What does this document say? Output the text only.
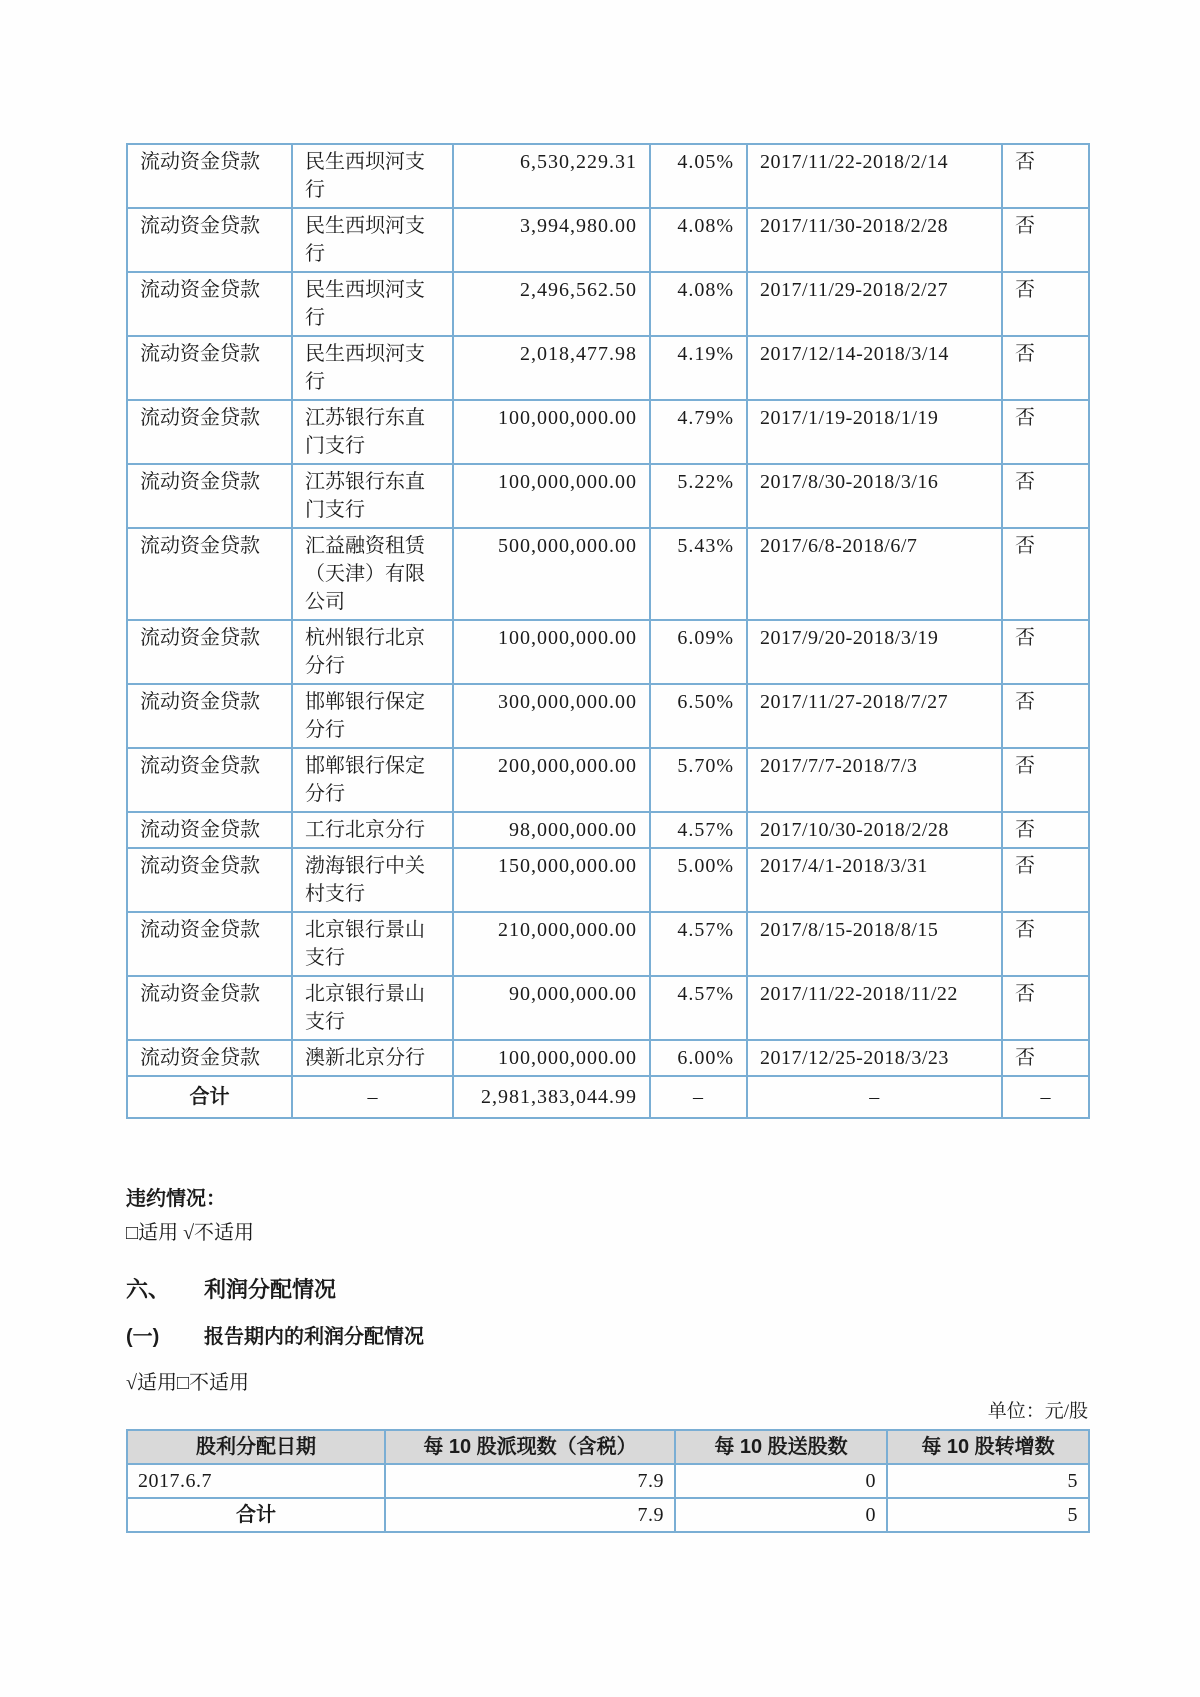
流动资金贷款	民生西坝河支行	6,530,229.31	4.05%	2017/11/22-2018/2/14	否
流动资金贷款	民生西坝河支行	3,994,980.00	4.08%	2017/11/30-2018/2/28	否
流动资金贷款	民生西坝河支行	2,496,562.50	4.08%	2017/11/29-2018/2/27	否
流动资金贷款	民生西坝河支行	2,018,477.98	4.19%	2017/12/14-2018/3/14	否
流动资金贷款	江苏银行东直门支行	100,000,000.00	4.79%	2017/1/19-2018/1/19	否
流动资金贷款	江苏银行东直门支行	100,000,000.00	5.22%	2017/8/30-2018/3/16	否
流动资金贷款	汇益融资租赁（天津）有限公司	500,000,000.00	5.43%	2017/6/8-2018/6/7	否
流动资金贷款	杭州银行北京分行	100,000,000.00	6.09%	2017/9/20-2018/3/19	否
流动资金贷款	邯郸银行保定分行	300,000,000.00	6.50%	2017/11/27-2018/7/27	否
流动资金贷款	邯郸银行保定分行	200,000,000.00	5.70%	2017/7/7-2018/7/3	否
流动资金贷款	工行北京分行	98,000,000.00	4.57%	2017/10/30-2018/2/28	否
流动资金贷款	渤海银行中关村支行	150,000,000.00	5.00%	2017/4/1-2018/3/31	否
流动资金贷款	北京银行景山支行	210,000,000.00	4.57%	2017/8/15-2018/8/15	否
流动资金贷款	北京银行景山支行	90,000,000.00	4.57%	2017/11/22-2018/11/22	否
流动资金贷款	澳新北京分行	100,000,000.00	6.00%	2017/12/25-2018/3/23	否
合计	–	2,981,383,044.99	–	–	–
违约情况：
□适用 √不适用
六、	利润分配情况
(一)	报告期内的利润分配情况
√适用□不适用
单位：元/股
股利分配日期	每 10 股派现数（含税）	每 10 股送股数	每 10 股转增数
2017.6.7	7.9	0	5
合计	7.9	0	5
